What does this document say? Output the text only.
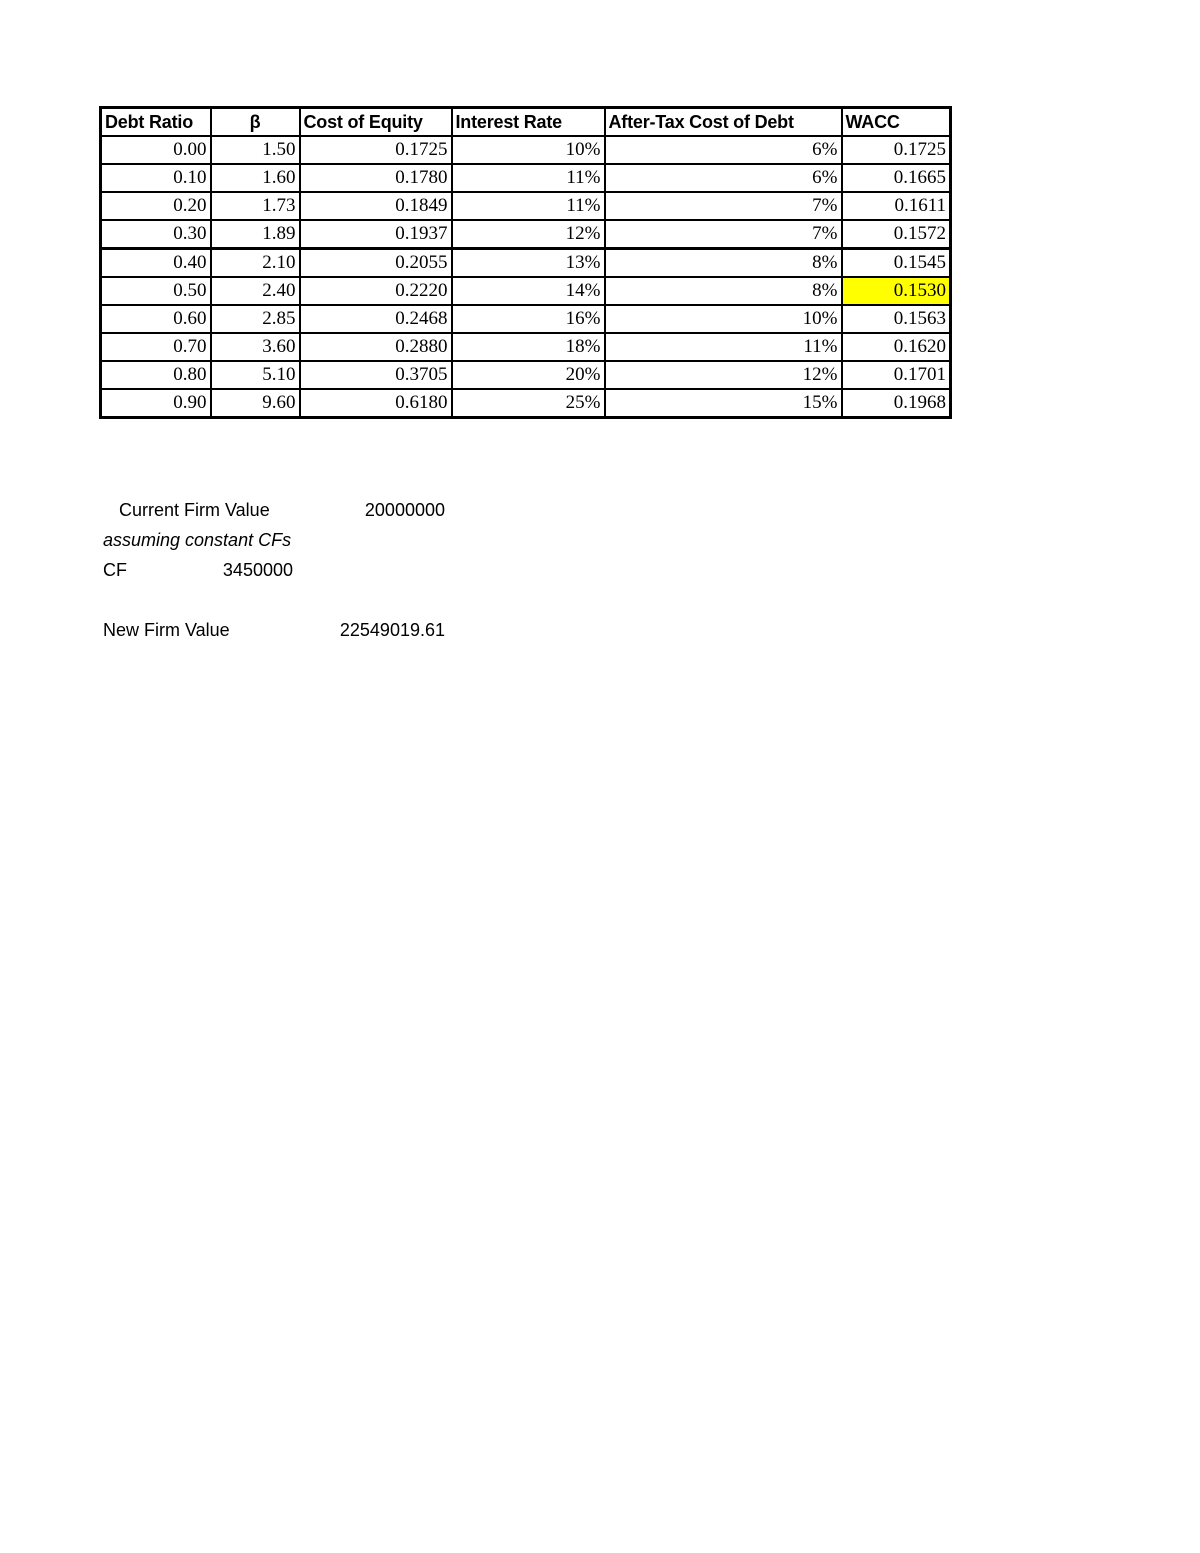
Debt Ratio	β	Cost of Equity	Interest Rate	After-Tax Cost of Debt	WACC
0.00	1.50	0.1725	10%	6%	0.1725
0.10	1.60	0.1780	11%	6%	0.1665
0.20	1.73	0.1849	11%	7%	0.1611
0.30	1.89	0.1937	12%	7%	0.1572
0.40	2.10	0.2055	13%	8%	0.1545
0.50	2.40	0.2220	14%	8%	0.1530
0.60	2.85	0.2468	16%	10%	0.1563
0.70	3.60	0.2880	18%	11%	0.1620
0.80	5.10	0.3705	20%	12%	0.1701
0.90	9.60	0.6180	25%	15%	0.1968
Current Firm Value	20000000
assuming constant CFs
CF	3450000
New Firm Value	22549019.61
